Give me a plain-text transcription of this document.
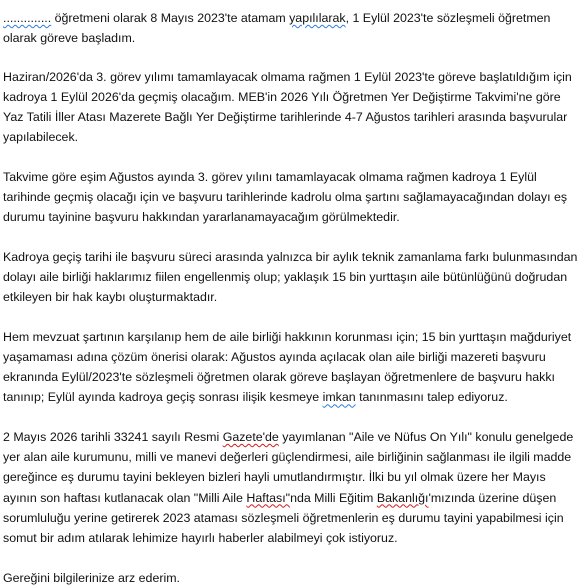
.............. öğretmeni olarak 8 Mayıs 2023'te atamam yapılılarak, 1 Eylül 2023'te sözleşmeli öğretmen olarak göreve başladım.

Haziran/2026'da 3. görev yılımı tamamlayacak olmama rağmen 1 Eylül 2023'te göreve başlatıldığım için kadroya 1 Eylül 2026'da geçmiş olacağım. MEB'in 2026 Yılı Öğretmen Yer Değiştirme Takvimi'ne göre Yaz Tatili İller Atası Mazerete Bağlı Yer Değiştirme tarihlerinde 4-7 Ağustos tarihleri arasında başvurular yapılabilecek.

Takvime göre eşim Ağustos ayında 3. görev yılını tamamlayacak olmama rağmen kadroya 1 Eylül tarihinde geçmiş olacağı için ve başvuru tarihlerinde kadrolu olma şartını sağlamayacağından dolayı eş durumu tayinine başvuru hakkından yararlanamayacağım görülmektedir.

Kadroya geçiş tarihi ile başvuru süreci arasında yalnızca bir aylık teknik zamanlama farkı bulunmasından dolayı aile birliği haklarımız fiilen engellenmiş olup; yaklaşık 15 bin yurttaşın aile bütünlüğünü doğrudan etkileyen bir hak kaybı oluşturmaktadır.

Hem mevzuat şartının karşılanıp hem de aile birliği hakkının korunması için; 15 bin yurttaşın mağduriyet yaşamaması adına çözüm önerisi olarak: Ağustos ayında açılacak olan aile birliği mazereti başvuru ekranında Eylül/2023'te sözleşmeli öğretmen olarak göreve başlayan öğretmenlere de başvuru hakkı tanınıp; Eylül ayında kadroya geçiş sonrası ilişik kesmeye imkan tanınmasını talep ediyoruz.

2 Mayıs 2026 tarihli 33241 sayılı Resmi Gazete'de yayımlanan "Aile ve Nüfus On Yılı" konulu genelgede yer alan aile kurumunu, milli ve manevi değerleri güçlendirmesi, aile birliğinin sağlanması ile ilgili madde gereğince eş durumu tayini bekleyen bizleri hayli umutlandırmıştır. İlki bu yıl olmak üzere her Mayıs ayının son haftası kutlanacak olan "Milli Aile Haftası"nda Milli Eğitim Bakanlığı'mızında üzerine düşen sorumluluğu yerine getirerek 2023 ataması sözleşmeli öğretmenlerin eş durumu tayini yapabilmesi için somut bir adım atılarak lehimize hayırlı haberler alabilmeyi çok istiyoruz.

Gereğini bilgilerinize arz ederim.
